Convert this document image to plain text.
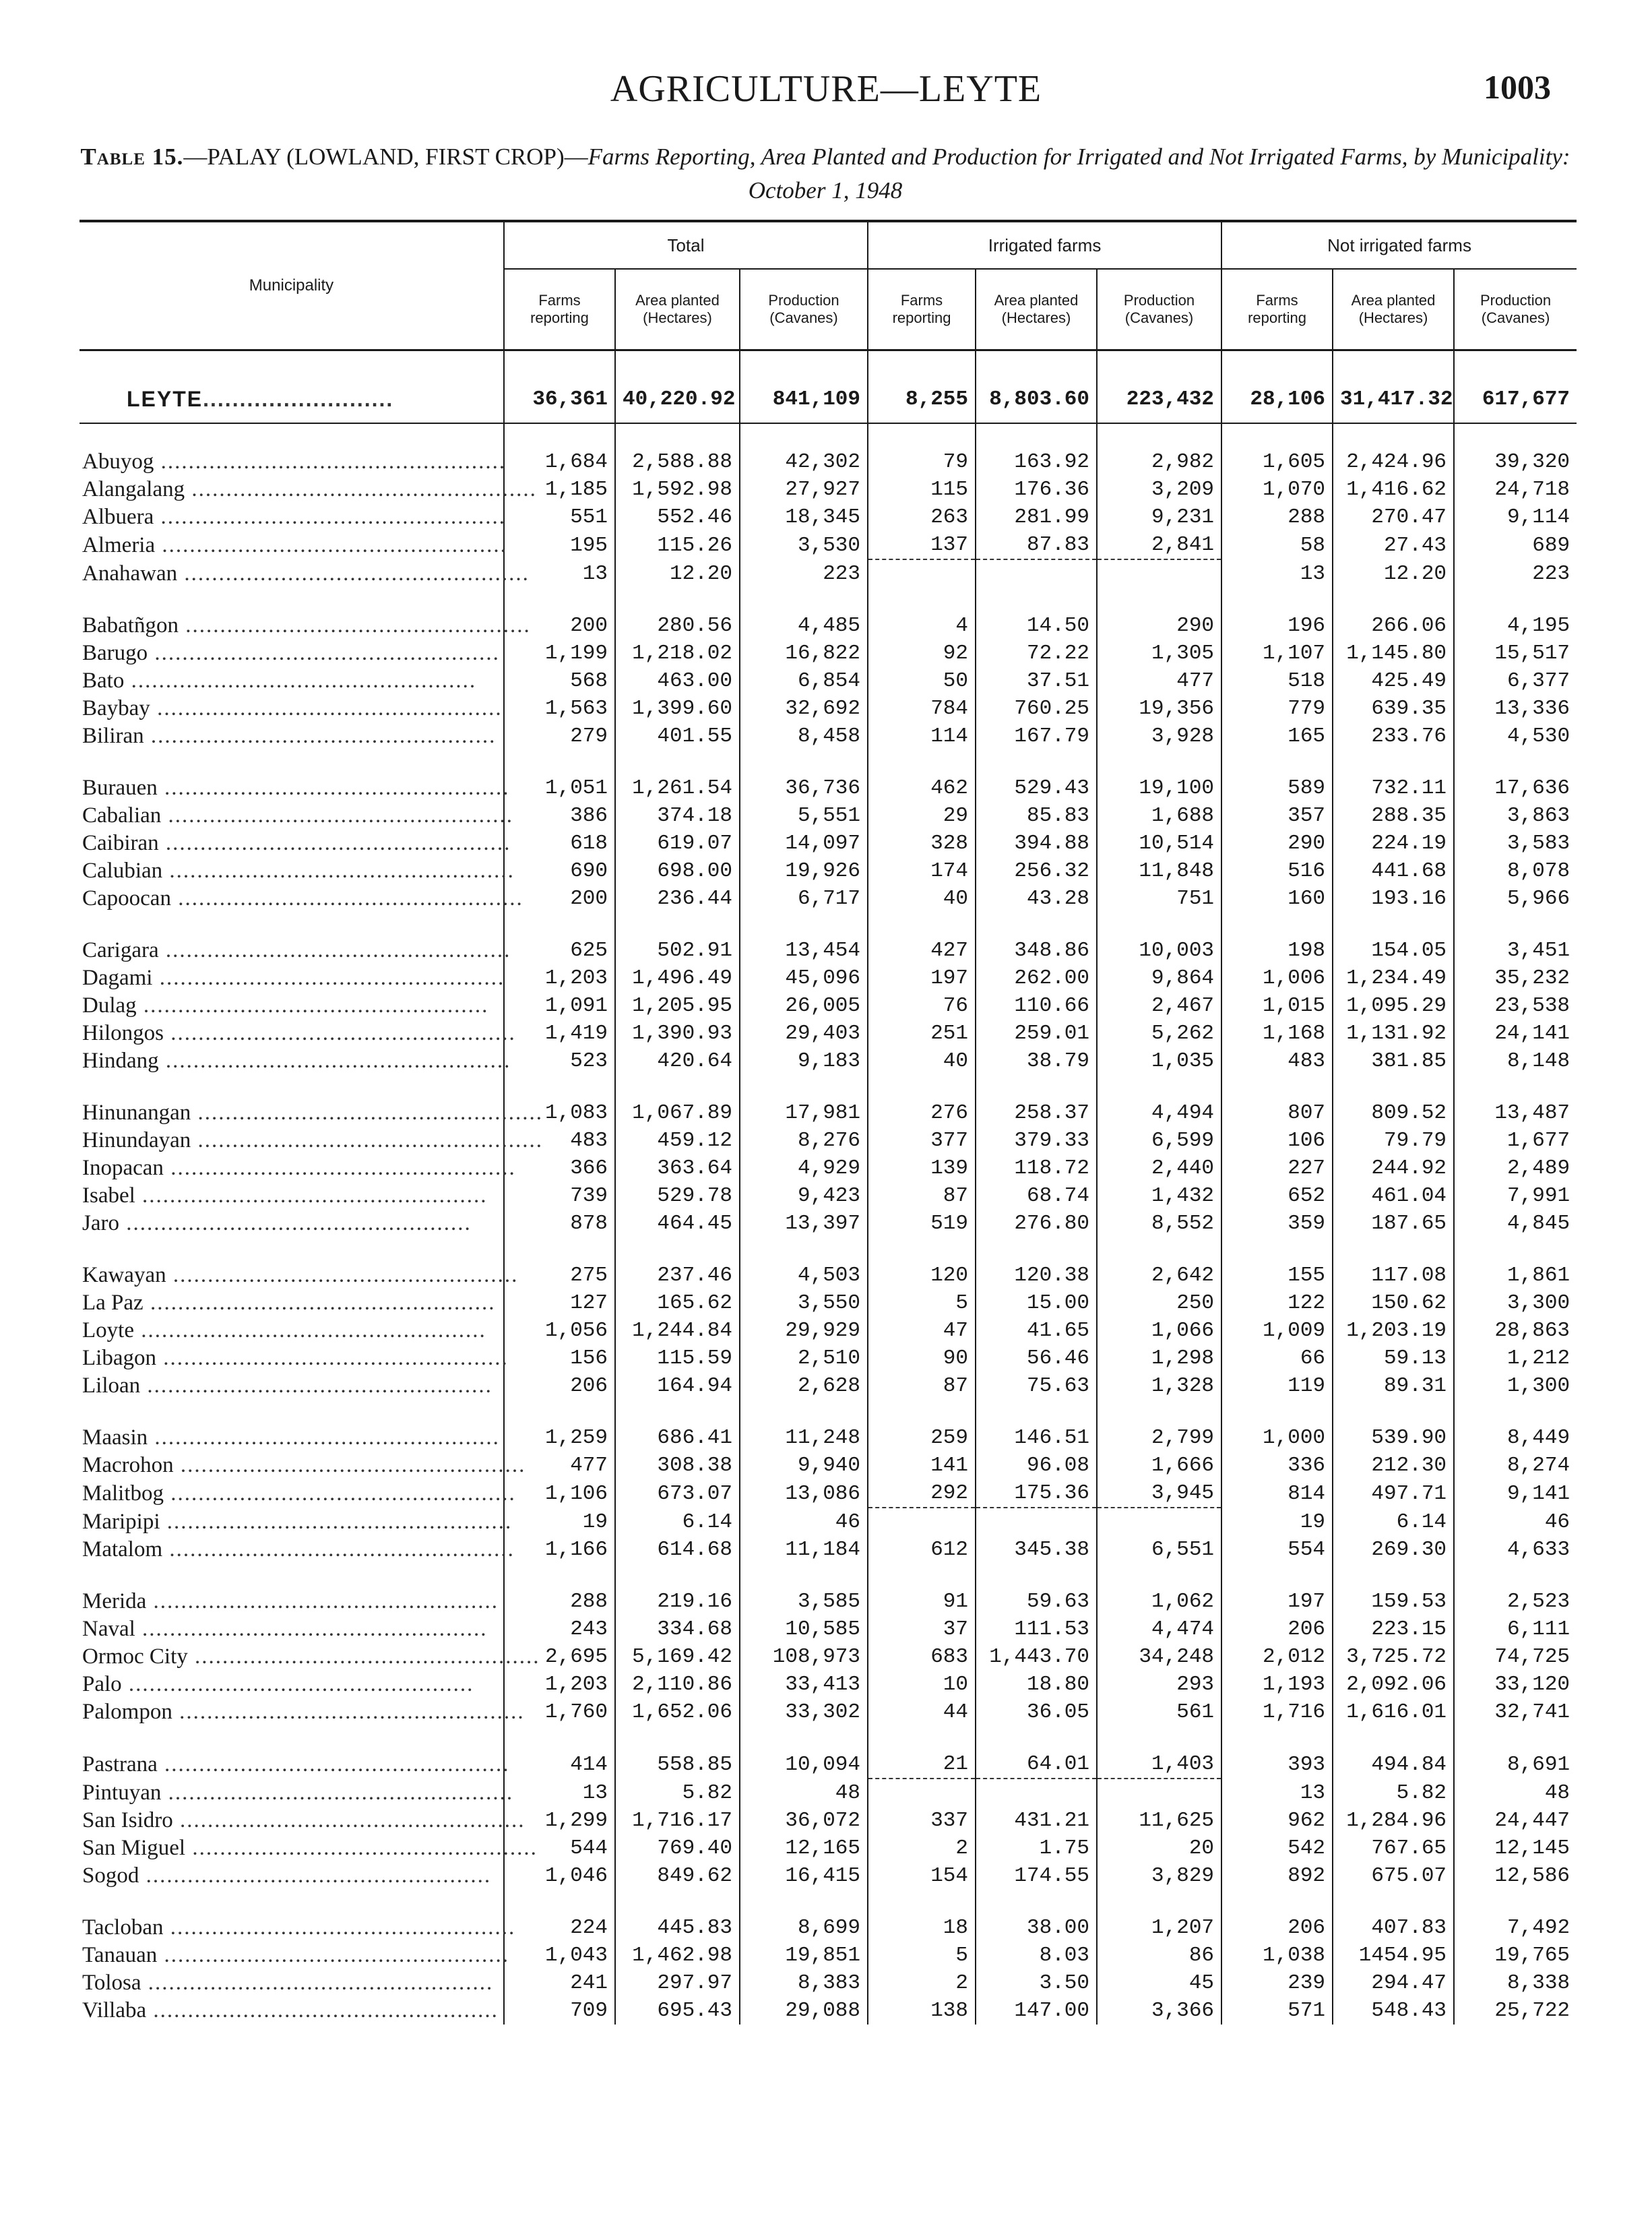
AGRICULTURE—LEYTE	1003
Table 15.—PALAY (LOWLAND, FIRST CROP)—Farms Reporting, Area Planted and Production for Irrigated and Not Irrigated Farms, by Municipality: October 1, 1948
Municipality	Total			Irrigated farms			Not irrigated farms		
	Farms reporting	Area planted (Hectares)	Production (Cavanes)	Farms reporting	Area planted (Hectares)	Production (Cavanes)	Farms reporting	Area planted (Hectares)	Production (Cavanes)

LEYTE..........................	36,361	40,220.92	841,109	8,255	8,803.60	223,432	28,106	31,417.32	617,677

Abuyog ..................................................	1,684	2,588.88	42,302	79	163.92	2,982	1,605	2,424.96	39,320
Alangalang ..................................................	1,185	1,592.98	27,927	115	176.36	3,209	1,070	1,416.62	24,718
Albuera ..................................................	551	552.46	18,345	263	281.99	9,231	288	270.47	9,114
Almeria ..................................................	195	115.26	3,530	137	87.83	2,841	58	27.43	689
Anahawan ..................................................	13	12.20	223				13	12.20	223

Babatñgon ..................................................	200	280.56	4,485	4	14.50	290	196	266.06	4,195
Barugo ..................................................	1,199	1,218.02	16,822	92	72.22	1,305	1,107	1,145.80	15,517
Bato ..................................................	568	463.00	6,854	50	37.51	477	518	425.49	6,377
Baybay ..................................................	1,563	1,399.60	32,692	784	760.25	19,356	779	639.35	13,336
Biliran ..................................................	279	401.55	8,458	114	167.79	3,928	165	233.76	4,530

Burauen ..................................................	1,051	1,261.54	36,736	462	529.43	19,100	589	732.11	17,636
Cabalian ..................................................	386	374.18	5,551	29	85.83	1,688	357	288.35	3,863
Caibiran ..................................................	618	619.07	14,097	328	394.88	10,514	290	224.19	3,583
Calubian ..................................................	690	698.00	19,926	174	256.32	11,848	516	441.68	8,078
Capoocan ..................................................	200	236.44	6,717	40	43.28	751	160	193.16	5,966

Carigara ..................................................	625	502.91	13,454	427	348.86	10,003	198	154.05	3,451
Dagami ..................................................	1,203	1,496.49	45,096	197	262.00	9,864	1,006	1,234.49	35,232
Dulag ..................................................	1,091	1,205.95	26,005	76	110.66	2,467	1,015	1,095.29	23,538
Hilongos ..................................................	1,419	1,390.93	29,403	251	259.01	5,262	1,168	1,131.92	24,141
Hindang ..................................................	523	420.64	9,183	40	38.79	1,035	483	381.85	8,148

Hinunangan ..................................................	1,083	1,067.89	17,981	276	258.37	4,494	807	809.52	13,487
Hinundayan ..................................................	483	459.12	8,276	377	379.33	6,599	106	79.79	1,677
Inopacan ..................................................	366	363.64	4,929	139	118.72	2,440	227	244.92	2,489
Isabel ..................................................	739	529.78	9,423	87	68.74	1,432	652	461.04	7,991
Jaro ..................................................	878	464.45	13,397	519	276.80	8,552	359	187.65	4,845

Kawayan ..................................................	275	237.46	4,503	120	120.38	2,642	155	117.08	1,861
La Paz ..................................................	127	165.62	3,550	5	15.00	250	122	150.62	3,300
Loyte ..................................................	1,056	1,244.84	29,929	47	41.65	1,066	1,009	1,203.19	28,863
Libagon ..................................................	156	115.59	2,510	90	56.46	1,298	66	59.13	1,212
Liloan ..................................................	206	164.94	2,628	87	75.63	1,328	119	89.31	1,300

Maasin ..................................................	1,259	686.41	11,248	259	146.51	2,799	1,000	539.90	8,449
Macrohon ..................................................	477	308.38	9,940	141	96.08	1,666	336	212.30	8,274
Malitbog ..................................................	1,106	673.07	13,086	292	175.36	3,945	814	497.71	9,141
Maripipi ..................................................	19	6.14	46				19	6.14	46
Matalom ..................................................	1,166	614.68	11,184	612	345.38	6,551	554	269.30	4,633

Merida ..................................................	288	219.16	3,585	91	59.63	1,062	197	159.53	2,523
Naval ..................................................	243	334.68	10,585	37	111.53	4,474	206	223.15	6,111
Ormoc City ..................................................	2,695	5,169.42	108,973	683	1,443.70	34,248	2,012	3,725.72	74,725
Palo ..................................................	1,203	2,110.86	33,413	10	18.80	293	1,193	2,092.06	33,120
Palompon ..................................................	1,760	1,652.06	33,302	44	36.05	561	1,716	1,616.01	32,741

Pastrana ..................................................	414	558.85	10,094	21	64.01	1,403	393	494.84	8,691
Pintuyan ..................................................	13	5.82	48				13	5.82	48
San Isidro ..................................................	1,299	1,716.17	36,072	337	431.21	11,625	962	1,284.96	24,447
San Miguel ..................................................	544	769.40	12,165	2	1.75	20	542	767.65	12,145
Sogod ..................................................	1,046	849.62	16,415	154	174.55	3,829	892	675.07	12,586

Tacloban ..................................................	224	445.83	8,699	18	38.00	1,207	206	407.83	7,492
Tanauan ..................................................	1,043	1,462.98	19,851	5	8.03	86	1,038	1454.95	19,765
Tolosa ..................................................	241	297.97	8,383	2	3.50	45	239	294.47	8,338
Villaba ..................................................	709	695.43	29,088	138	147.00	3,366	571	548.43	25,722
